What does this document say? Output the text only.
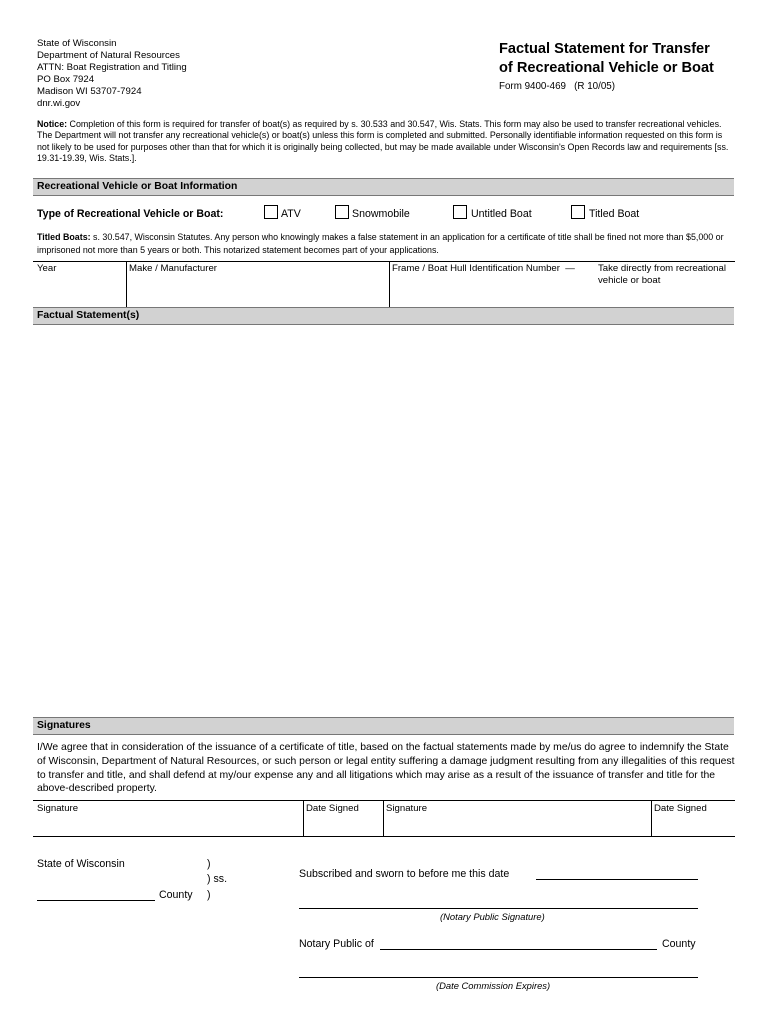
State of Wisconsin
Department of Natural Resources
ATTN: Boat Registration and Titling
PO Box 7924
Madison WI 53707-7924
dnr.wi.gov
Factual Statement for Transfer
of Recreational Vehicle or Boat
Form 9400-469   (R 10/05)
Notice: Completion of this form is required for transfer of boat(s) as required by s. 30.533 and 30.547, Wis. Stats. This form may also be used to transfer recreational vehicles. The Department will not transfer any recreational vehicle(s) or boat(s) unless this form is completed and submitted. Personally identifiable information requested on this form is not likely to be used for purposes other than that for which it is originally being collected, but may be made available under Wisconsin's Open Records law and requirements [ss. 19.31-19.39, Wis. Stats.].
Recreational Vehicle or Boat Information
Type of Recreational Vehicle or Boat:	ATV	Snowmobile	Untitled Boat	Titled Boat
Titled Boats: s. 30.547, Wisconsin Statutes. Any person who knowingly makes a false statement in an application for a certificate of title shall be fined not more than $5,000 or imprisoned not more than 5 years or both. This notarized statement becomes part of your applications.
Year	Make / Manufacturer	Frame / Boat Hull Identification Number  — Take directly from recreational
vehicle or boat
Factual Statement(s)
Signatures
I/We agree that in consideration of the issuance of a certificate of title, based on the factual statements made by me/us do agree to indemnify the State of Wisconsin, Department of Natural Resources, or such person or legal entity suffering a damage judgment resulting from any illegalities of this request to transfer and title, and shall defend at my/our expense any and all litigations which may arise as a result of the issuance of transfer and title for the above-described property.
Signature	Date Signed	Signature	Date Signed
State of Wisconsin	)
) ss.
)
County
Subscribed and sworn to before me this date
(Notary Public Signature)
Notary Public of	County
(Date Commission Expires)
